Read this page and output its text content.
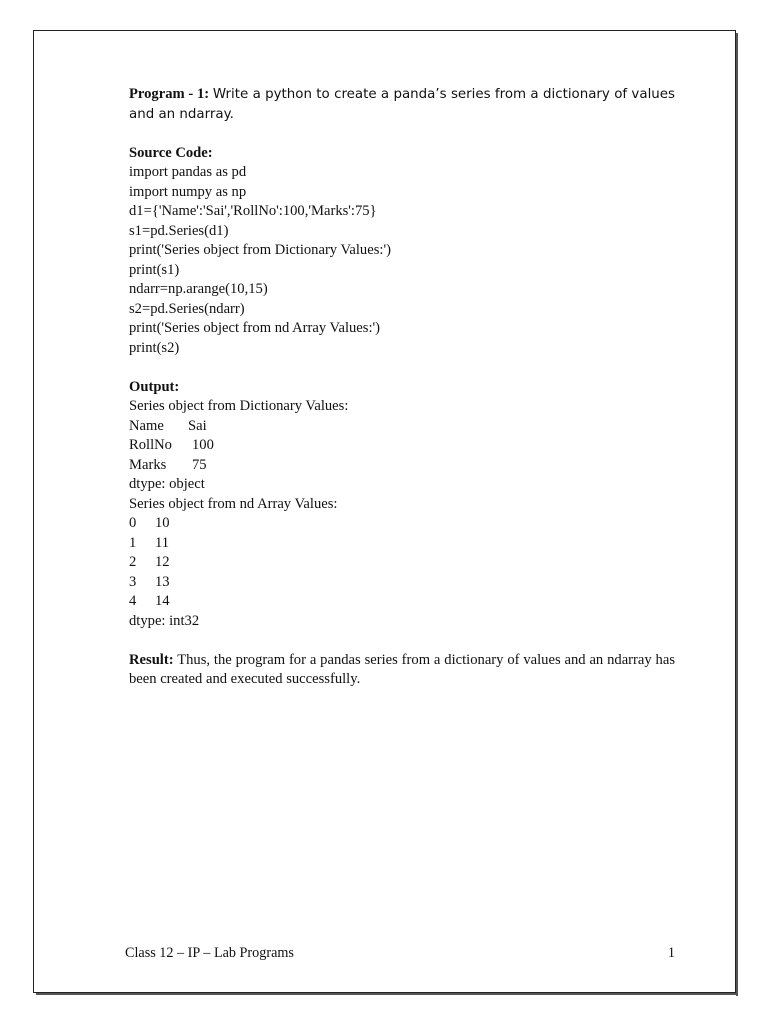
Program - 1: Write a python to create a panda’s series from a dictionary of values and an ndarray.

Source Code:
import pandas as pd
import numpy as np
d1={'Name':'Sai','RollNo':100,'Marks':75}
s1=pd.Series(d1)
print('Series object from Dictionary Values:')
print(s1)
ndarr=np.arange(10,15)
s2=pd.Series(ndarr)
print('Series object from nd Array Values:')
print(s2)
Output:
Series object from Dictionary Values:
Name Sai
RollNo 100
Marks 75
dtype: object
Series object from nd Array Values:
0 10
1 11
2 12
3 13
4 14
dtype: int32

Result: Thus, the program for a pandas series from a dictionary of values and an ndarray has been created and executed successfully.

Class 12 – IP – Lab Programs	1
